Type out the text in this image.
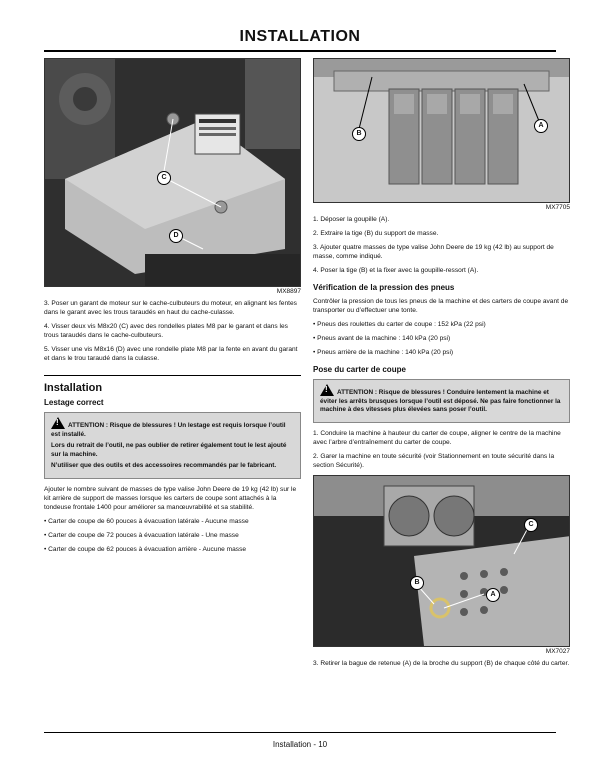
INSTALLATION
C
D
MX8897

3. Poser un garant de moteur sur le cache-culbuteurs du moteur, en alignant les fentes dans le garant avec les trous taraudés en haut du cache-culasse.

4. Visser deux vis M8x20 (C) avec des rondelles plates M8 par le garant et dans les trous taraudés dans le cache-culbuteurs.

5. Visser une vis M8x16 (D) avec une rondelle plate M8 par la fente en avant du garant et dans le trou taraudé dans la culasse.

Installation
Lestage correct

!ATTENTION : Risque de blessures ! Un lestage est requis lorsque l’outil est installé.

Lors du retrait de l’outil, ne pas oublier de retirer également tout le lest ajouté sur la machine.

N’utiliser que des outils et des accessoires recommandés par le fabricant.

Ajouter le nombre suivant de masses de type valise John Deere de 19 kg (42 lb) sur le kit arrière de support de masses lorsque les carters de coupe sont attachés à la tondeuse frontale 1400 pour améliorer sa manœuvrabilité et sa stabilité.

• Carter de coupe de 60 pouces à évacuation latérale - Aucune masse

• Carter de coupe de 72 pouces à évacuation latérale - Une masse

• Carter de coupe de 62 pouces à évacuation arrière - Aucune masse

B
A
MX7705

1. Déposer la goupille (A).

2. Extraire la tige (B) du support de masse.

3. Ajouter quatre masses de type valise John Deere de 19 kg (42 lb) au support de masse, comme indiqué.

4. Poser la tige (B) et la fixer avec la goupille-ressort (A).

Vérification de la pression des pneus

Contrôler la pression de tous les pneus de la machine et des carters de coupe avant de transporter ou d’effectuer une tonte.

• Pneus des roulettes du carter de coupe : 152 kPa (22 psi)

• Pneus avant de la machine : 140 kPa (20 psi)

• Pneus arrière de la machine : 140 kPa (20 psi)

Pose du carter de coupe

!ATTENTION : Risque de blessures ! Conduire lentement la machine et éviter les arrêts brusques lorsque l’outil est déposé. Ne pas faire fonctionner la machine à des vitesses plus élevées sans poser l’outil.

1. Conduire la machine à hauteur du carter de coupe, aligner le centre de la machine avec l’arbre d’entraînement du carter de coupe.

2. Garer la machine en toute sécurité (voir Stationnement en toute sécurité dans la section Sécurité).

C
B
A
MX7027

3. Retirer la bague de retenue (A) de la broche du support (B) de chaque côté du carter.

Installation - 10
